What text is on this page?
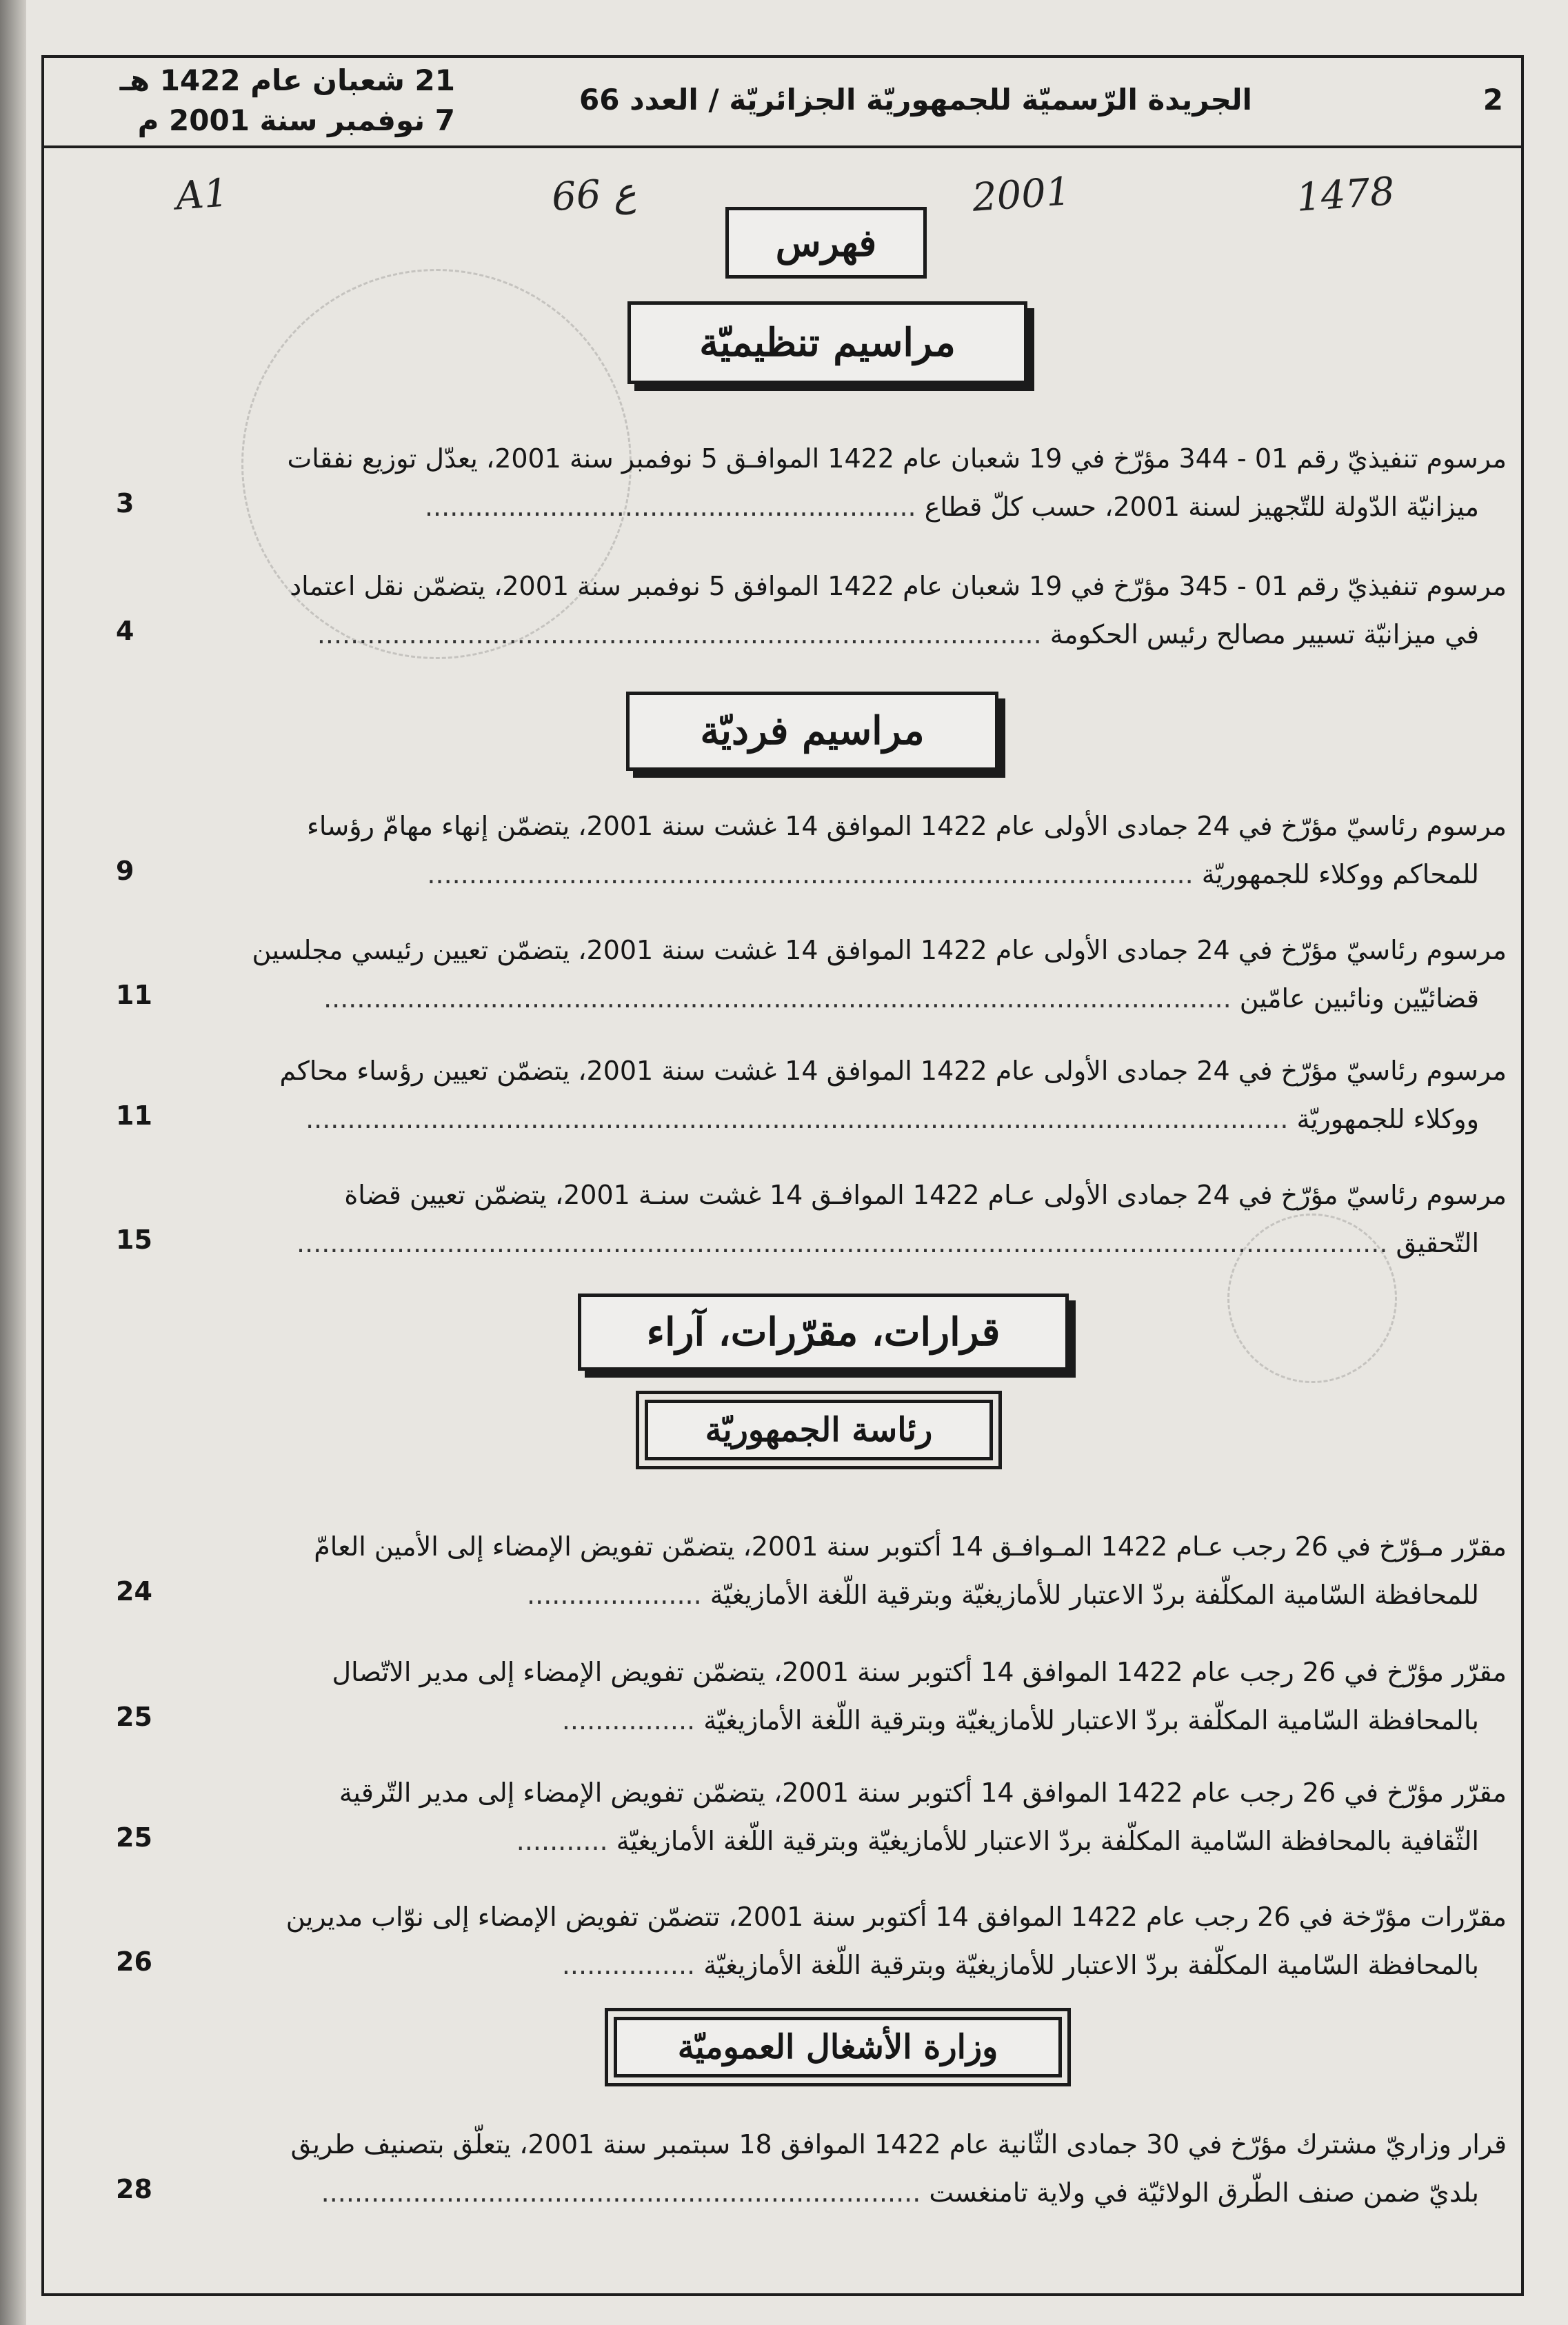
21 شعبان عام 1422 هـ
7 نوفمبر سنة 2001 م
الجريدة الرّسميّة للجمهوريّة الجزائريّة / العدد 66	2
A1	66 ع	2001	1478
فهرس
مراسيم تنظيميّة
مرسوم تنفيذيّ رقم 01 - 344 مؤرّخ في 19 شعبان عام 1422 الموافـق 5 نوفمبر سنة 2001، يعدّل توزيع نفقات
ميزانيّة الدّولة للتّجهيز لسنة 2001، حسب كلّ قطاع ...........................................................
3
مرسوم تنفيذيّ رقم 01 - 345 مؤرّخ في 19 شعبان عام 1422 الموافق 5 نوفمبر سنة 2001، يتضمّن نقل اعتماد
في ميزانيّة تسيير مصالح رئيس الحكومة .......................................................................................
4
مراسيم فرديّة
مرسوم رئاسيّ مؤرّخ في 24 جمادى الأولى عام 1422 الموافق 14 غشت سنة 2001، يتضمّن إنهاء مهامّ رؤساء
للمحاكم ووكلاء للجمهوريّة ............................................................................................
9
مرسوم رئاسيّ مؤرّخ في 24 جمادى الأولى عام 1422 الموافق 14 غشت سنة 2001، يتضمّن تعيين رئيسي مجلسين
قضائيّين ونائبين عامّين .............................................................................................................
11
مرسوم رئاسيّ مؤرّخ في 24 جمادى الأولى عام 1422 الموافق 14 غشت سنة 2001، يتضمّن تعيين رؤساء محاكم
ووكلاء للجمهوريّة ......................................................................................................................
11
مرسوم رئاسيّ مؤرّخ في 24 جمادى الأولى عـام 1422 الموافـق 14 غشت سنـة 2001، يتضمّن تعيين قضاة
التّحقيق ...................................................................................................................................
15
قرارات، مقرّرات، آراء
رئاسة الجمهوريّة
مقرّر مـؤرّخ في 26 رجب عـام 1422 المـوافـق 14 أكتوبر سنة 2001، يتضمّن تفويض الإمضاء إلى الأمين العامّ
للمحافظة السّامية المكلّفة بردّ الاعتبار للأمازيغيّة وبترقية اللّغة الأمازيغيّة .....................
24
مقرّر مؤرّخ في 26 رجب عام 1422 الموافق 14 أكتوبر سنة 2001، يتضمّن تفويض الإمضاء إلى مدير الاتّصال
بالمحافظة السّامية المكلّفة بردّ الاعتبار للأمازيغيّة وبترقية اللّغة الأمازيغيّة ................
25
مقرّر مؤرّخ في 26 رجب عام 1422 الموافق 14 أكتوبر سنة 2001، يتضمّن تفويض الإمضاء إلى مدير التّرقية
الثّقافية بالمحافظة السّامية المكلّفة بردّ الاعتبار للأمازيغيّة وبترقية اللّغة الأمازيغيّة ...........
25
مقرّرات مؤرّخة في 26 رجب عام 1422 الموافق 14 أكتوبر سنة 2001، تتضمّن تفويض الإمضاء إلى نوّاب مديرين
بالمحافظة السّامية المكلّفة بردّ الاعتبار للأمازيغيّة وبترقية اللّغة الأمازيغيّة ................
26
وزارة الأشغال العموميّة
قرار وزاريّ مشترك مؤرّخ في 30 جمادى الثّانية عام 1422 الموافق 18 سبتمبر سنة 2001، يتعلّق بتصنيف طريق
بلديّ ضمن صنف الطّرق الولائيّة في ولاية تامنغست ........................................................................
28
